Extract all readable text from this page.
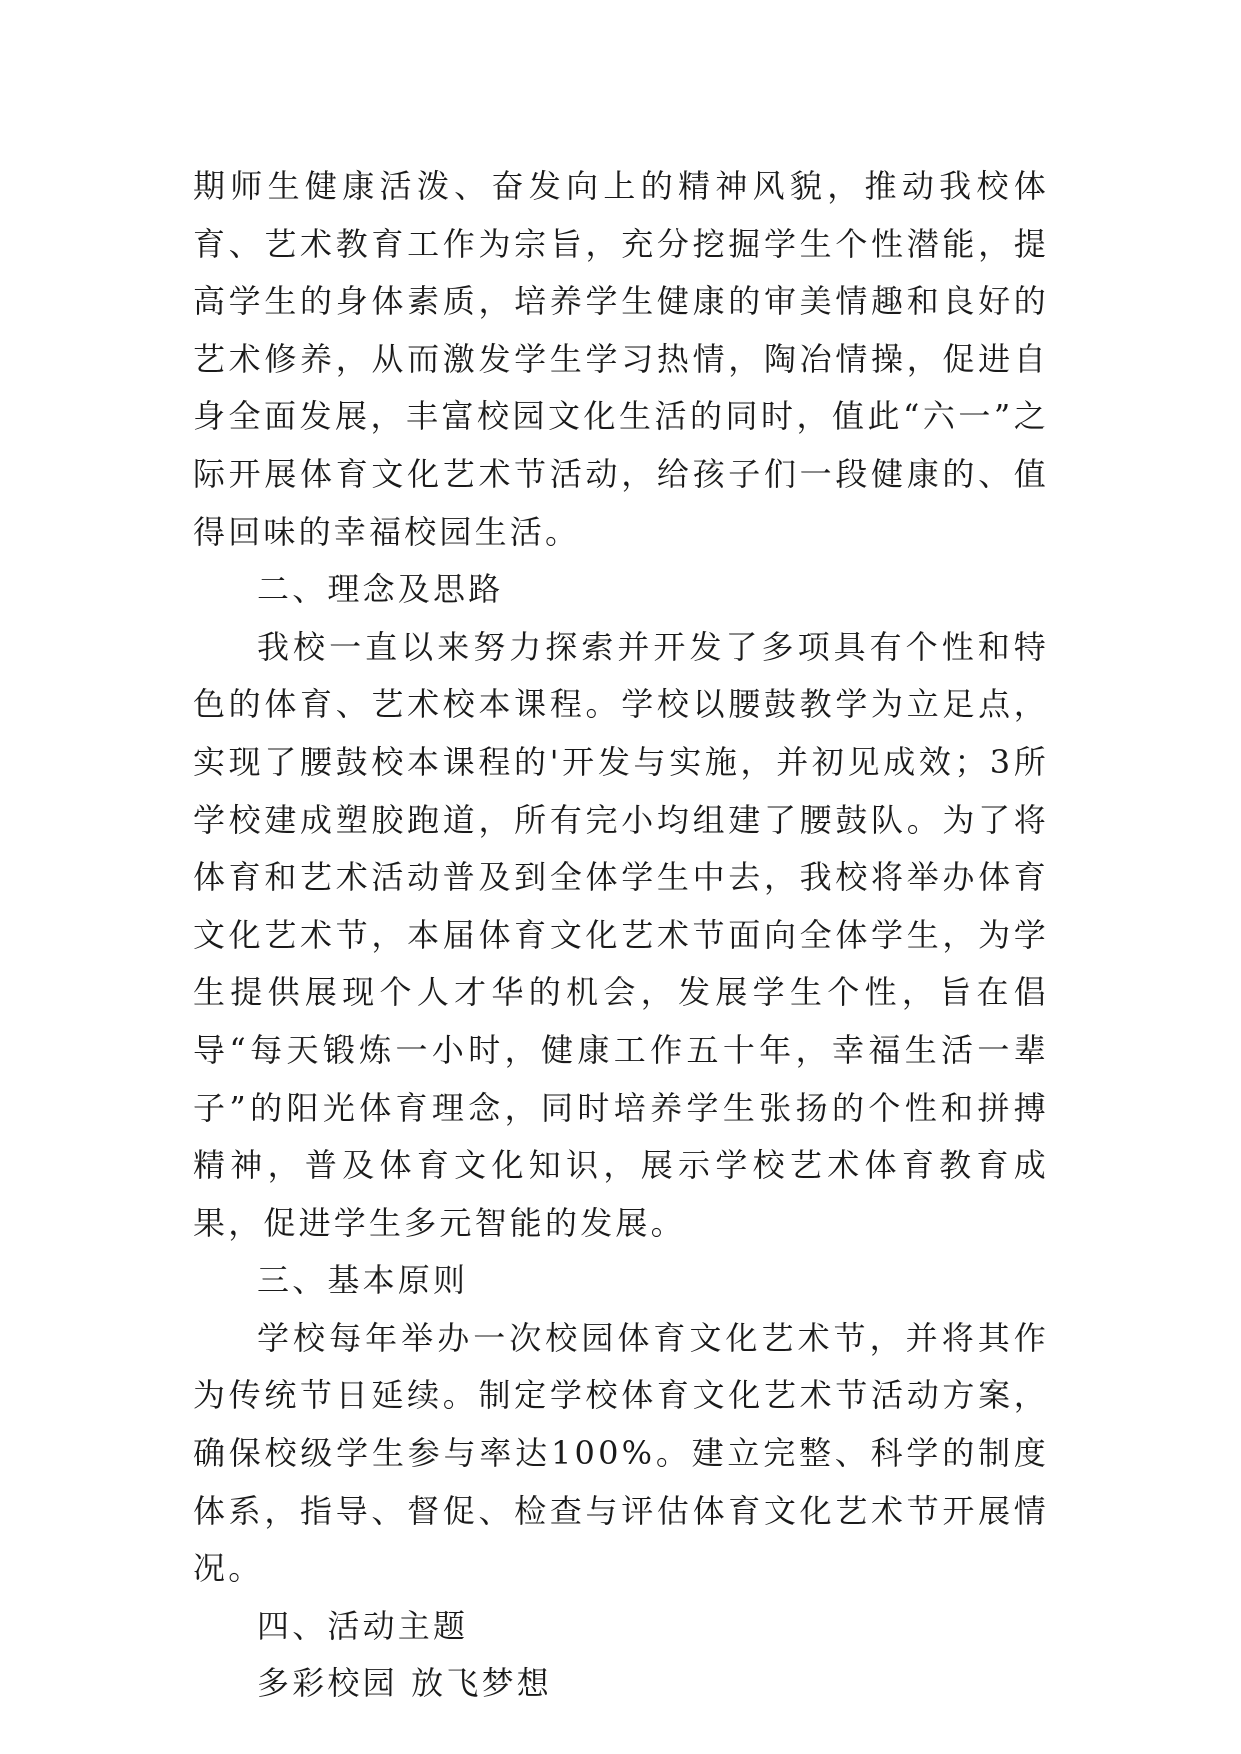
期师生健康活泼、奋发向上的精神风貌，推动我校体育、艺术教育工作为宗旨，充分挖掘学生个性潜能，提高学生的身体素质，培养学生健康的审美情趣和良好的艺术修养，从而激发学生学习热情，陶冶情操，促进自身全面发展，丰富校园文化生活的同时，值此“六一”之际开展体育文化艺术节活动，给孩子们一段健康的、值得回味的幸福校园生活。

二、理念及思路

我校一直以来努力探索并开发了多项具有个性和特色的体育、艺术校本课程。学校以腰鼓教学为立足点，实现了腰鼓校本课程的'开发与实施，并初见成效；3所学校建成塑胶跑道，所有完小均组建了腰鼓队。为了将体育和艺术活动普及到全体学生中去，我校将举办体育文化艺术节，本届体育文化艺术节面向全体学生，为学生提供展现个人才华的机会，发展学生个性，旨在倡导“每天锻炼一小时，健康工作五十年，幸福生活一辈子”的阳光体育理念，同时培养学生张扬的个性和拼搏精神，普及体育文化知识，展示学校艺术体育教育成果，促进学生多元智能的发展。

三、基本原则

学校每年举办一次校园体育文化艺术节，并将其作为传统节日延续。制定学校体育文化艺术节活动方案，确保校级学生参与率达100%。建立完整、科学的制度体系，指导、督促、检查与评估体育文化艺术节开展情况。

四、活动主题

多彩校园 放飞梦想
